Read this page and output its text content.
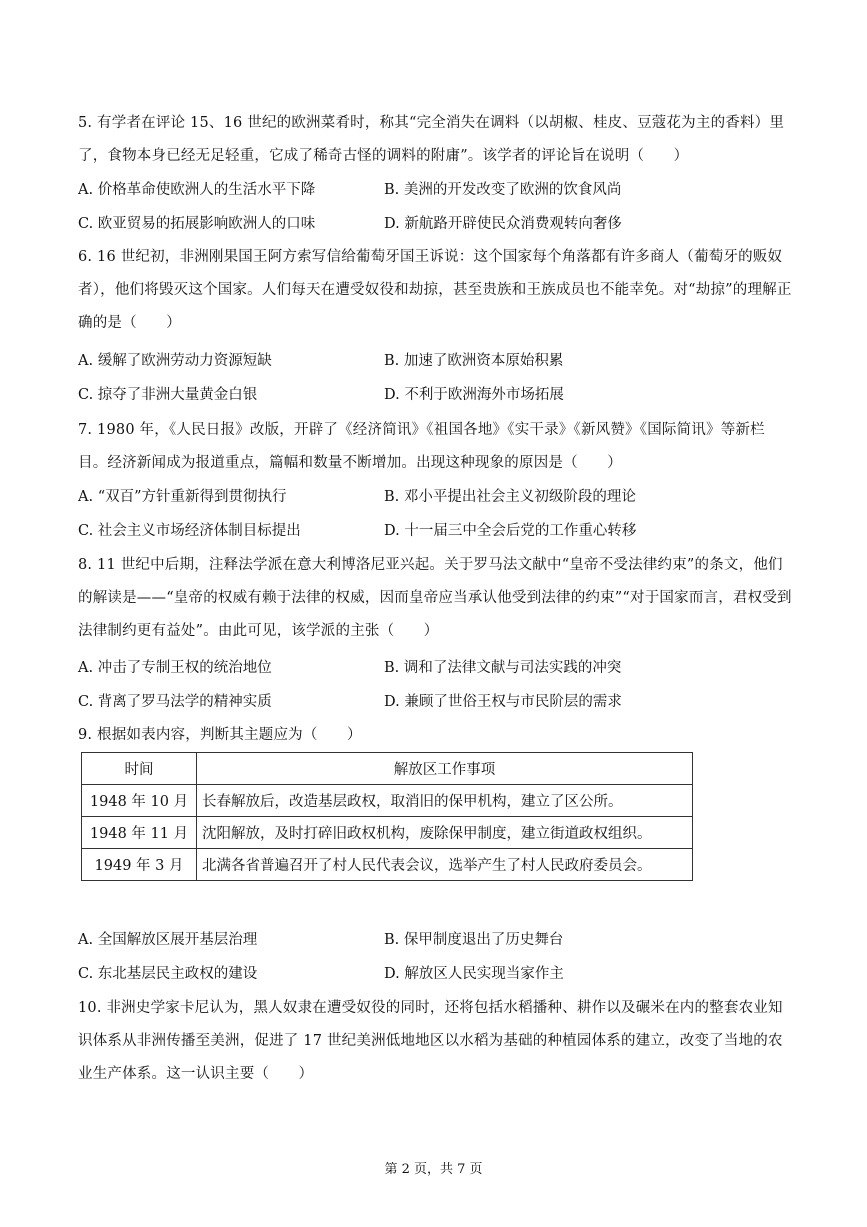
5. 有学者在评论 15、16 世纪的欧洲菜肴时，称其“完全消失在调料（以胡椒、桂皮、豆蔻花为主的香料）里了，食物本身已经无足轻重，它成了稀奇古怪的调料的附庸”。该学者的评论旨在说明（　　）
A. 价格革命使欧洲人的生活水平下降	B. 美洲的开发改变了欧洲的饮食风尚
C. 欧亚贸易的拓展影响欧洲人的口味	D. 新航路开辟使民众消费观转向奢侈
6. 16 世纪初，非洲刚果国王阿方索写信给葡萄牙国王诉说：这个国家每个角落都有许多商人（葡萄牙的贩奴者），他们将毁灭这个国家。人们每天在遭受奴役和劫掠，甚至贵族和王族成员也不能幸免。对“劫掠”的理解正确的是（　　）
A. 缓解了欧洲劳动力资源短缺	B. 加速了欧洲资本原始积累
C. 掠夺了非洲大量黄金白银	D. 不利于欧洲海外市场拓展
7. 1980 年，《人民日报》改版，开辟了《经济简讯》《祖国各地》《实干录》《新风赞》《国际简讯》等新栏目。经济新闻成为报道重点，篇幅和数量不断增加。出现这种现象的原因是（　　）
A. “双百”方针重新得到贯彻执行	B. 邓小平提出社会主义初级阶段的理论
C. 社会主义市场经济体制目标提出	D. 十一届三中全会后党的工作重心转移
8. 11 世纪中后期，注释法学派在意大利博洛尼亚兴起。关于罗马法文献中“皇帝不受法律约束”的条文，他们的解读是——“皇帝的权威有赖于法律的权威，因而皇帝应当承认他受到法律的约束”“对于国家而言，君权受到法律制约更有益处”。由此可见，该学派的主张（　　）
A. 冲击了专制王权的统治地位	B. 调和了法律文献与司法实践的冲突
C. 背离了罗马法学的精神实质	D. 兼顾了世俗王权与市民阶层的需求
9. 根据如表内容，判断其主题应为（　　）
时间	解放区工作事项
1948 年 10 月	长春解放后，改造基层政权，取消旧的保甲机构，建立了区公所。
1948 年 11 月	沈阳解放，及时打碎旧政权机构，废除保甲制度，建立街道政权组织。
1949 年 3 月	北满各省普遍召开了村人民代表会议，选举产生了村人民政府委员会。
A. 全国解放区展开基层治理	B. 保甲制度退出了历史舞台
C. 东北基层民主政权的建设	D. 解放区人民实现当家作主
10. 非洲史学家卡尼认为，黑人奴隶在遭受奴役的同时，还将包括水稻播种、耕作以及碾米在内的整套农业知识体系从非洲传播至美洲，促进了 17 世纪美洲低地地区以水稻为基础的种植园体系的建立，改变了当地的农业生产体系。这一认识主要（　　）
第 2 页，共 7 页
